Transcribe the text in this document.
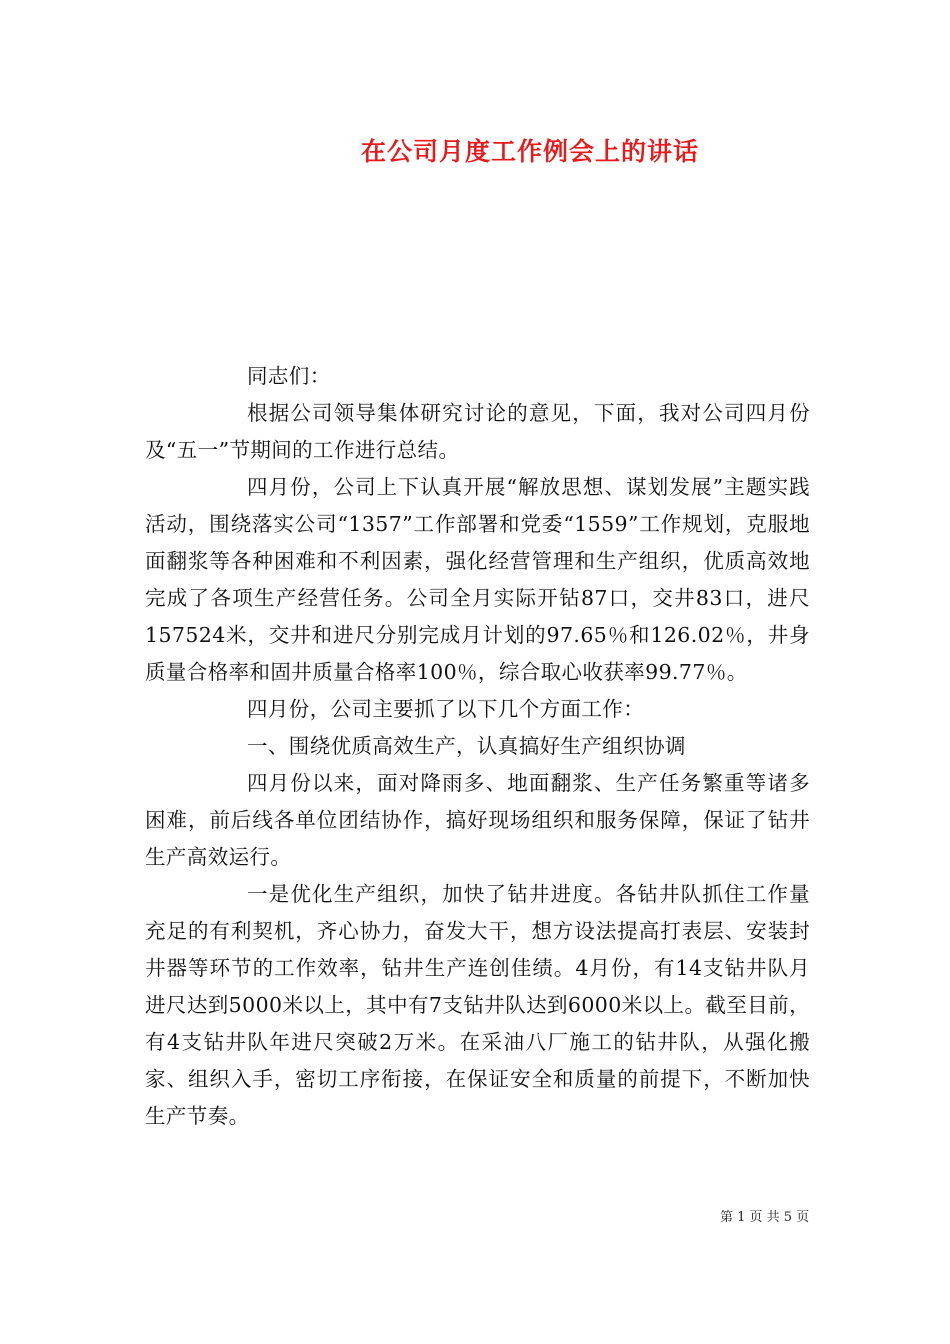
在公司月度工作例会上的讲话

同志们：

根据公司领导集体研究讨论的意见，下面，我对公司四月份及“五一”节期间的工作进行总结。

四月份，公司上下认真开展“解放思想、谋划发展”主题实践活动，围绕落实公司“1357”工作部署和党委“1559”工作规划，克服地面翻浆等各种困难和不利因素，强化经营管理和生产组织，优质高效地完成了各项生产经营任务。公司全月实际开钻87口，交井83口，进尺157524米，交井和进尺分别完成月计划的97.65％和126.02％，井身质量合格率和固井质量合格率100％，综合取心收获率99.77％。

四月份，公司主要抓了以下几个方面工作：

一、围绕优质高效生产，认真搞好生产组织协调

四月份以来，面对降雨多、地面翻浆、生产任务繁重等诸多困难，前后线各单位团结协作，搞好现场组织和服务保障，保证了钻井生产高效运行。

一是优化生产组织，加快了钻井进度。各钻井队抓住工作量充足的有利契机，齐心协力，奋发大干，想方设法提高打表层、安装封井器等环节的工作效率，钻井生产连创佳绩。4月份，有14支钻井队月进尺达到5000米以上，其中有7支钻井队达到6000米以上。截至目前，有4支钻井队年进尺突破2万米。在采油八厂施工的钻井队，从强化搬家、组织入手，密切工序衔接，在保证安全和质量的前提下，不断加快生产节奏。

第 1 页 共 5 页
